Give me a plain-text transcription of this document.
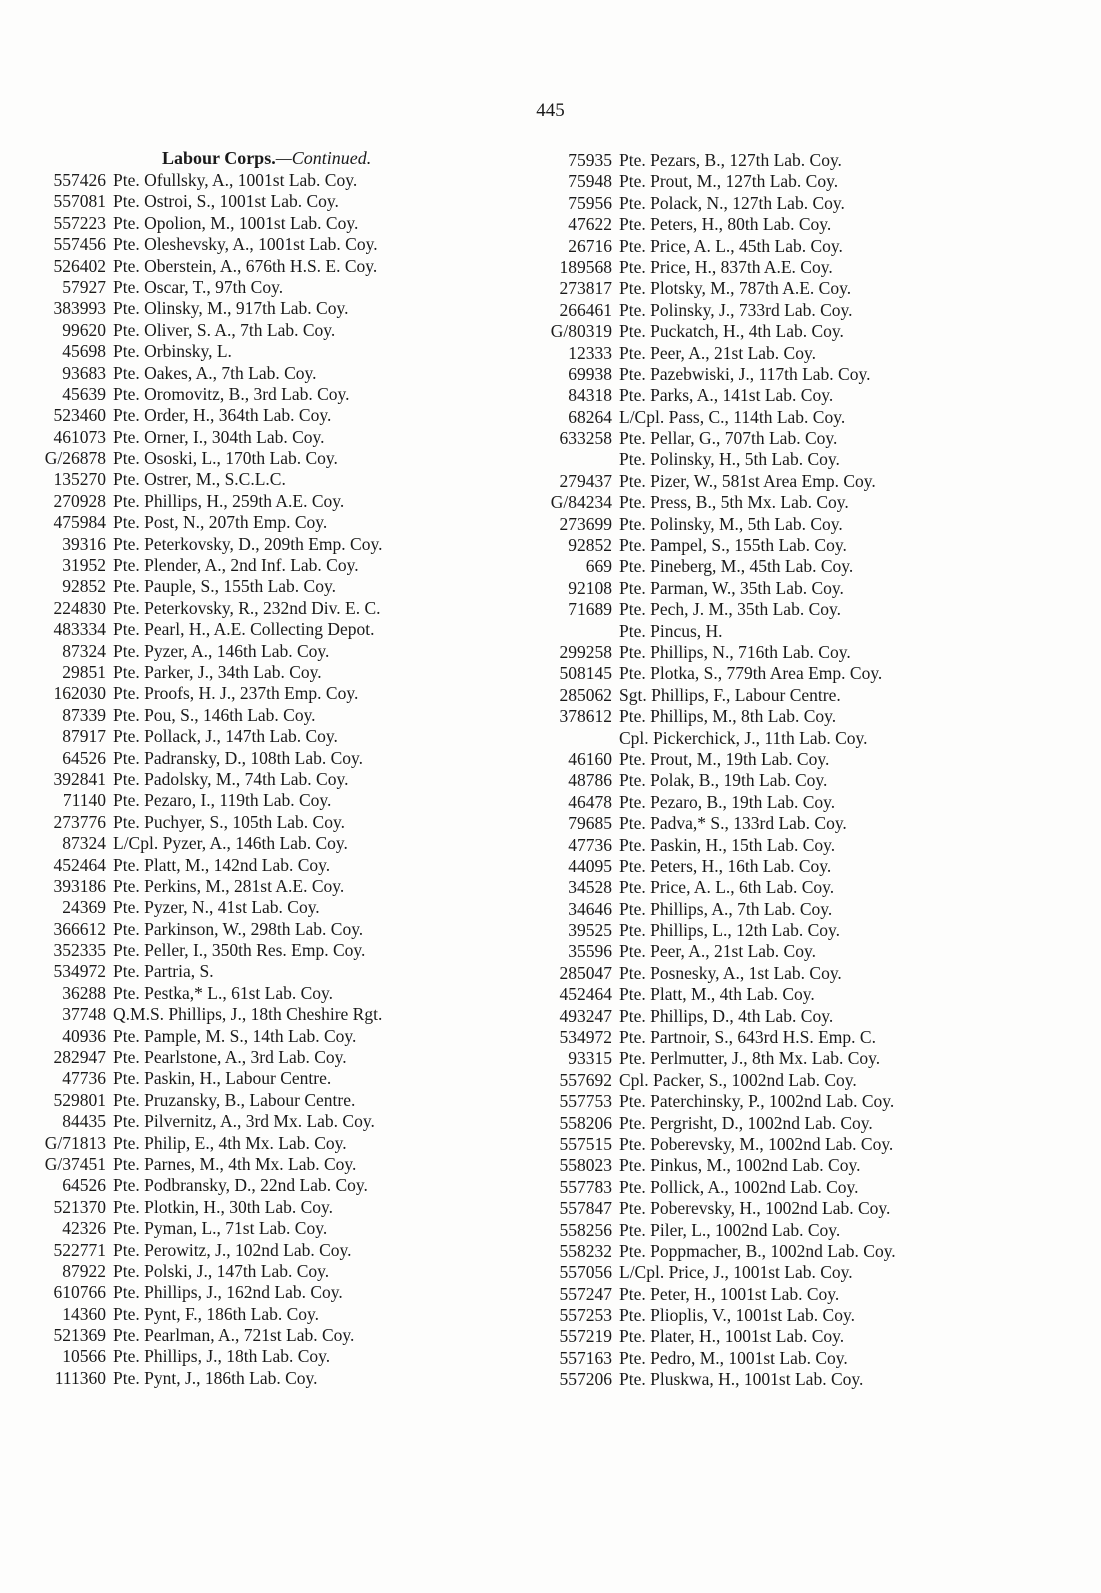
445
Labour Corps.—Continued.
557426 Pte. Ofullsky, A., 1001st Lab. Coy.
557081 Pte. Ostroi, S., 1001st Lab. Coy.
557223 Pte. Opolion, M., 1001st Lab. Coy.
557456 Pte. Oleshevsky, A., 1001st Lab. Coy.
526402 Pte. Oberstein, A., 676th H.S. E. Coy.
57927 Pte. Oscar, T., 97th Coy.
383993 Pte. Olinsky, M., 917th Lab. Coy.
99620 Pte. Oliver, S. A., 7th Lab. Coy.
45698 Pte. Orbinsky, L.
93683 Pte. Oakes, A., 7th Lab. Coy.
45639 Pte. Oromovitz, B., 3rd Lab. Coy.
523460 Pte. Order, H., 364th Lab. Coy.
461073 Pte. Orner, I., 304th Lab. Coy.
G/26878 Pte. Ososki, L., 170th Lab. Coy.
135270 Pte. Ostrer, M., S.C.L.C.
270928 Pte. Phillips, H., 259th A.E. Coy.
475984 Pte. Post, N., 207th Emp. Coy.
39316 Pte. Peterkovsky, D., 209th Emp. Coy.
31952 Pte. Plender, A., 2nd Inf. Lab. Coy.
92852 Pte. Pauple, S., 155th Lab. Coy.
224830 Pte. Peterkovsky, R., 232nd Div. E. C.
483334 Pte. Pearl, H., A.E. Collecting Depot.
87324 Pte. Pyzer, A., 146th Lab. Coy.
29851 Pte. Parker, J., 34th Lab. Coy.
162030 Pte. Proofs, H. J., 237th Emp. Coy.
87339 Pte. Pou, S., 146th Lab. Coy.
87917 Pte. Pollack, J., 147th Lab. Coy.
64526 Pte. Padransky, D., 108th Lab. Coy.
392841 Pte. Padolsky, M., 74th Lab. Coy.
71140 Pte. Pezaro, I., 119th Lab. Coy.
273776 Pte. Puchyer, S., 105th Lab. Coy.
87324 L/Cpl. Pyzer, A., 146th Lab. Coy.
452464 Pte. Platt, M., 142nd Lab. Coy.
393186 Pte. Perkins, M., 281st A.E. Coy.
24369 Pte. Pyzer, N., 41st Lab. Coy.
366612 Pte. Parkinson, W., 298th Lab. Coy.
352335 Pte. Peller, I., 350th Res. Emp. Coy.
534972 Pte. Partria, S.
36288 Pte. Pestka,* L., 61st Lab. Coy.
37748 Q.M.S. Phillips, J., 18th Cheshire Rgt.
40936 Pte. Pample, M. S., 14th Lab. Coy.
282947 Pte. Pearlstone, A., 3rd Lab. Coy.
47736 Pte. Paskin, H., Labour Centre.
529801 Pte. Pruzansky, B., Labour Centre.
84435 Pte. Pilvernitz, A., 3rd Mx. Lab. Coy.
G/71813 Pte. Philip, E., 4th Mx. Lab. Coy.
G/37451 Pte. Parnes, M., 4th Mx. Lab. Coy.
64526 Pte. Podbransky, D., 22nd Lab. Coy.
521370 Pte. Plotkin, H., 30th Lab. Coy.
42326 Pte. Pyman, L., 71st Lab. Coy.
522771 Pte. Perowitz, J., 102nd Lab. Coy.
87922 Pte. Polski, J., 147th Lab. Coy.
610766 Pte. Phillips, J., 162nd Lab. Coy.
14360 Pte. Pynt, F., 186th Lab. Coy.
521369 Pte. Pearlman, A., 721st Lab. Coy.
10566 Pte. Phillips, J., 18th Lab. Coy.
111360 Pte. Pynt, J., 186th Lab. Coy.
75935 Pte. Pezars, B., 127th Lab. Coy.
75948 Pte. Prout, M., 127th Lab. Coy.
75956 Pte. Polack, N., 127th Lab. Coy.
47622 Pte. Peters, H., 80th Lab. Coy.
26716 Pte. Price, A. L., 45th Lab. Coy.
189568 Pte. Price, H., 837th A.E. Coy.
273817 Pte. Plotsky, M., 787th A.E. Coy.
266461 Pte. Polinsky, J., 733rd Lab. Coy.
G/80319 Pte. Puckatch, H., 4th Lab. Coy.
12333 Pte. Peer, A., 21st Lab. Coy.
69938 Pte. Pazebwiski, J., 117th Lab. Coy.
84318 Pte. Parks, A., 141st Lab. Coy.
68264 L/Cpl. Pass, C., 114th Lab. Coy.
633258 Pte. Pellar, G., 707th Lab. Coy.
Pte. Polinsky, H., 5th Lab. Coy.
279437 Pte. Pizer, W., 581st Area Emp. Coy.
G/84234 Pte. Press, B., 5th Mx. Lab. Coy.
273699 Pte. Polinsky, M., 5th Lab. Coy.
92852 Pte. Pampel, S., 155th Lab. Coy.
669 Pte. Pineberg, M., 45th Lab. Coy.
92108 Pte. Parman, W., 35th Lab. Coy.
71689 Pte. Pech, J. M., 35th Lab. Coy.
Pte. Pincus, H.
299258 Pte. Phillips, N., 716th Lab. Coy.
508145 Pte. Plotka, S., 779th Area Emp. Coy.
285062 Sgt. Phillips, F., Labour Centre.
378612 Pte. Phillips, M., 8th Lab. Coy.
Cpl. Pickerchick, J., 11th Lab. Coy.
46160 Pte. Prout, M., 19th Lab. Coy.
48786 Pte. Polak, B., 19th Lab. Coy.
46478 Pte. Pezaro, B., 19th Lab. Coy.
79685 Pte. Padva,* S., 133rd Lab. Coy.
47736 Pte. Paskin, H., 15th Lab. Coy.
44095 Pte. Peters, H., 16th Lab. Coy.
34528 Pte. Price, A. L., 6th Lab. Coy.
34646 Pte. Phillips, A., 7th Lab. Coy.
39525 Pte. Phillips, L., 12th Lab. Coy.
35596 Pte. Peer, A., 21st Lab. Coy.
285047 Pte. Posnesky, A., 1st Lab. Coy.
452464 Pte. Platt, M., 4th Lab. Coy.
493247 Pte. Phillips, D., 4th Lab. Coy.
534972 Pte. Partnoir, S., 643rd H.S. Emp. C.
93315 Pte. Perlmutter, J., 8th Mx. Lab. Coy.
557692 Cpl. Packer, S., 1002nd Lab. Coy.
557753 Pte. Paterchinsky, P., 1002nd Lab. Coy.
558206 Pte. Pergrisht, D., 1002nd Lab. Coy.
557515 Pte. Poberevsky, M., 1002nd Lab. Coy.
558023 Pte. Pinkus, M., 1002nd Lab. Coy.
557783 Pte. Pollick, A., 1002nd Lab. Coy.
557847 Pte. Poberevsky, H., 1002nd Lab. Coy.
558256 Pte. Piler, L., 1002nd Lab. Coy.
558232 Pte. Poppmacher, B., 1002nd Lab. Coy.
557056 L/Cpl. Price, J., 1001st Lab. Coy.
557247 Pte. Peter, H., 1001st Lab. Coy.
557253 Pte. Plioplis, V., 1001st Lab. Coy.
557219 Pte. Plater, H., 1001st Lab. Coy.
557163 Pte. Pedro, M., 1001st Lab. Coy.
557206 Pte. Pluskwa, H., 1001st Lab. Coy.
